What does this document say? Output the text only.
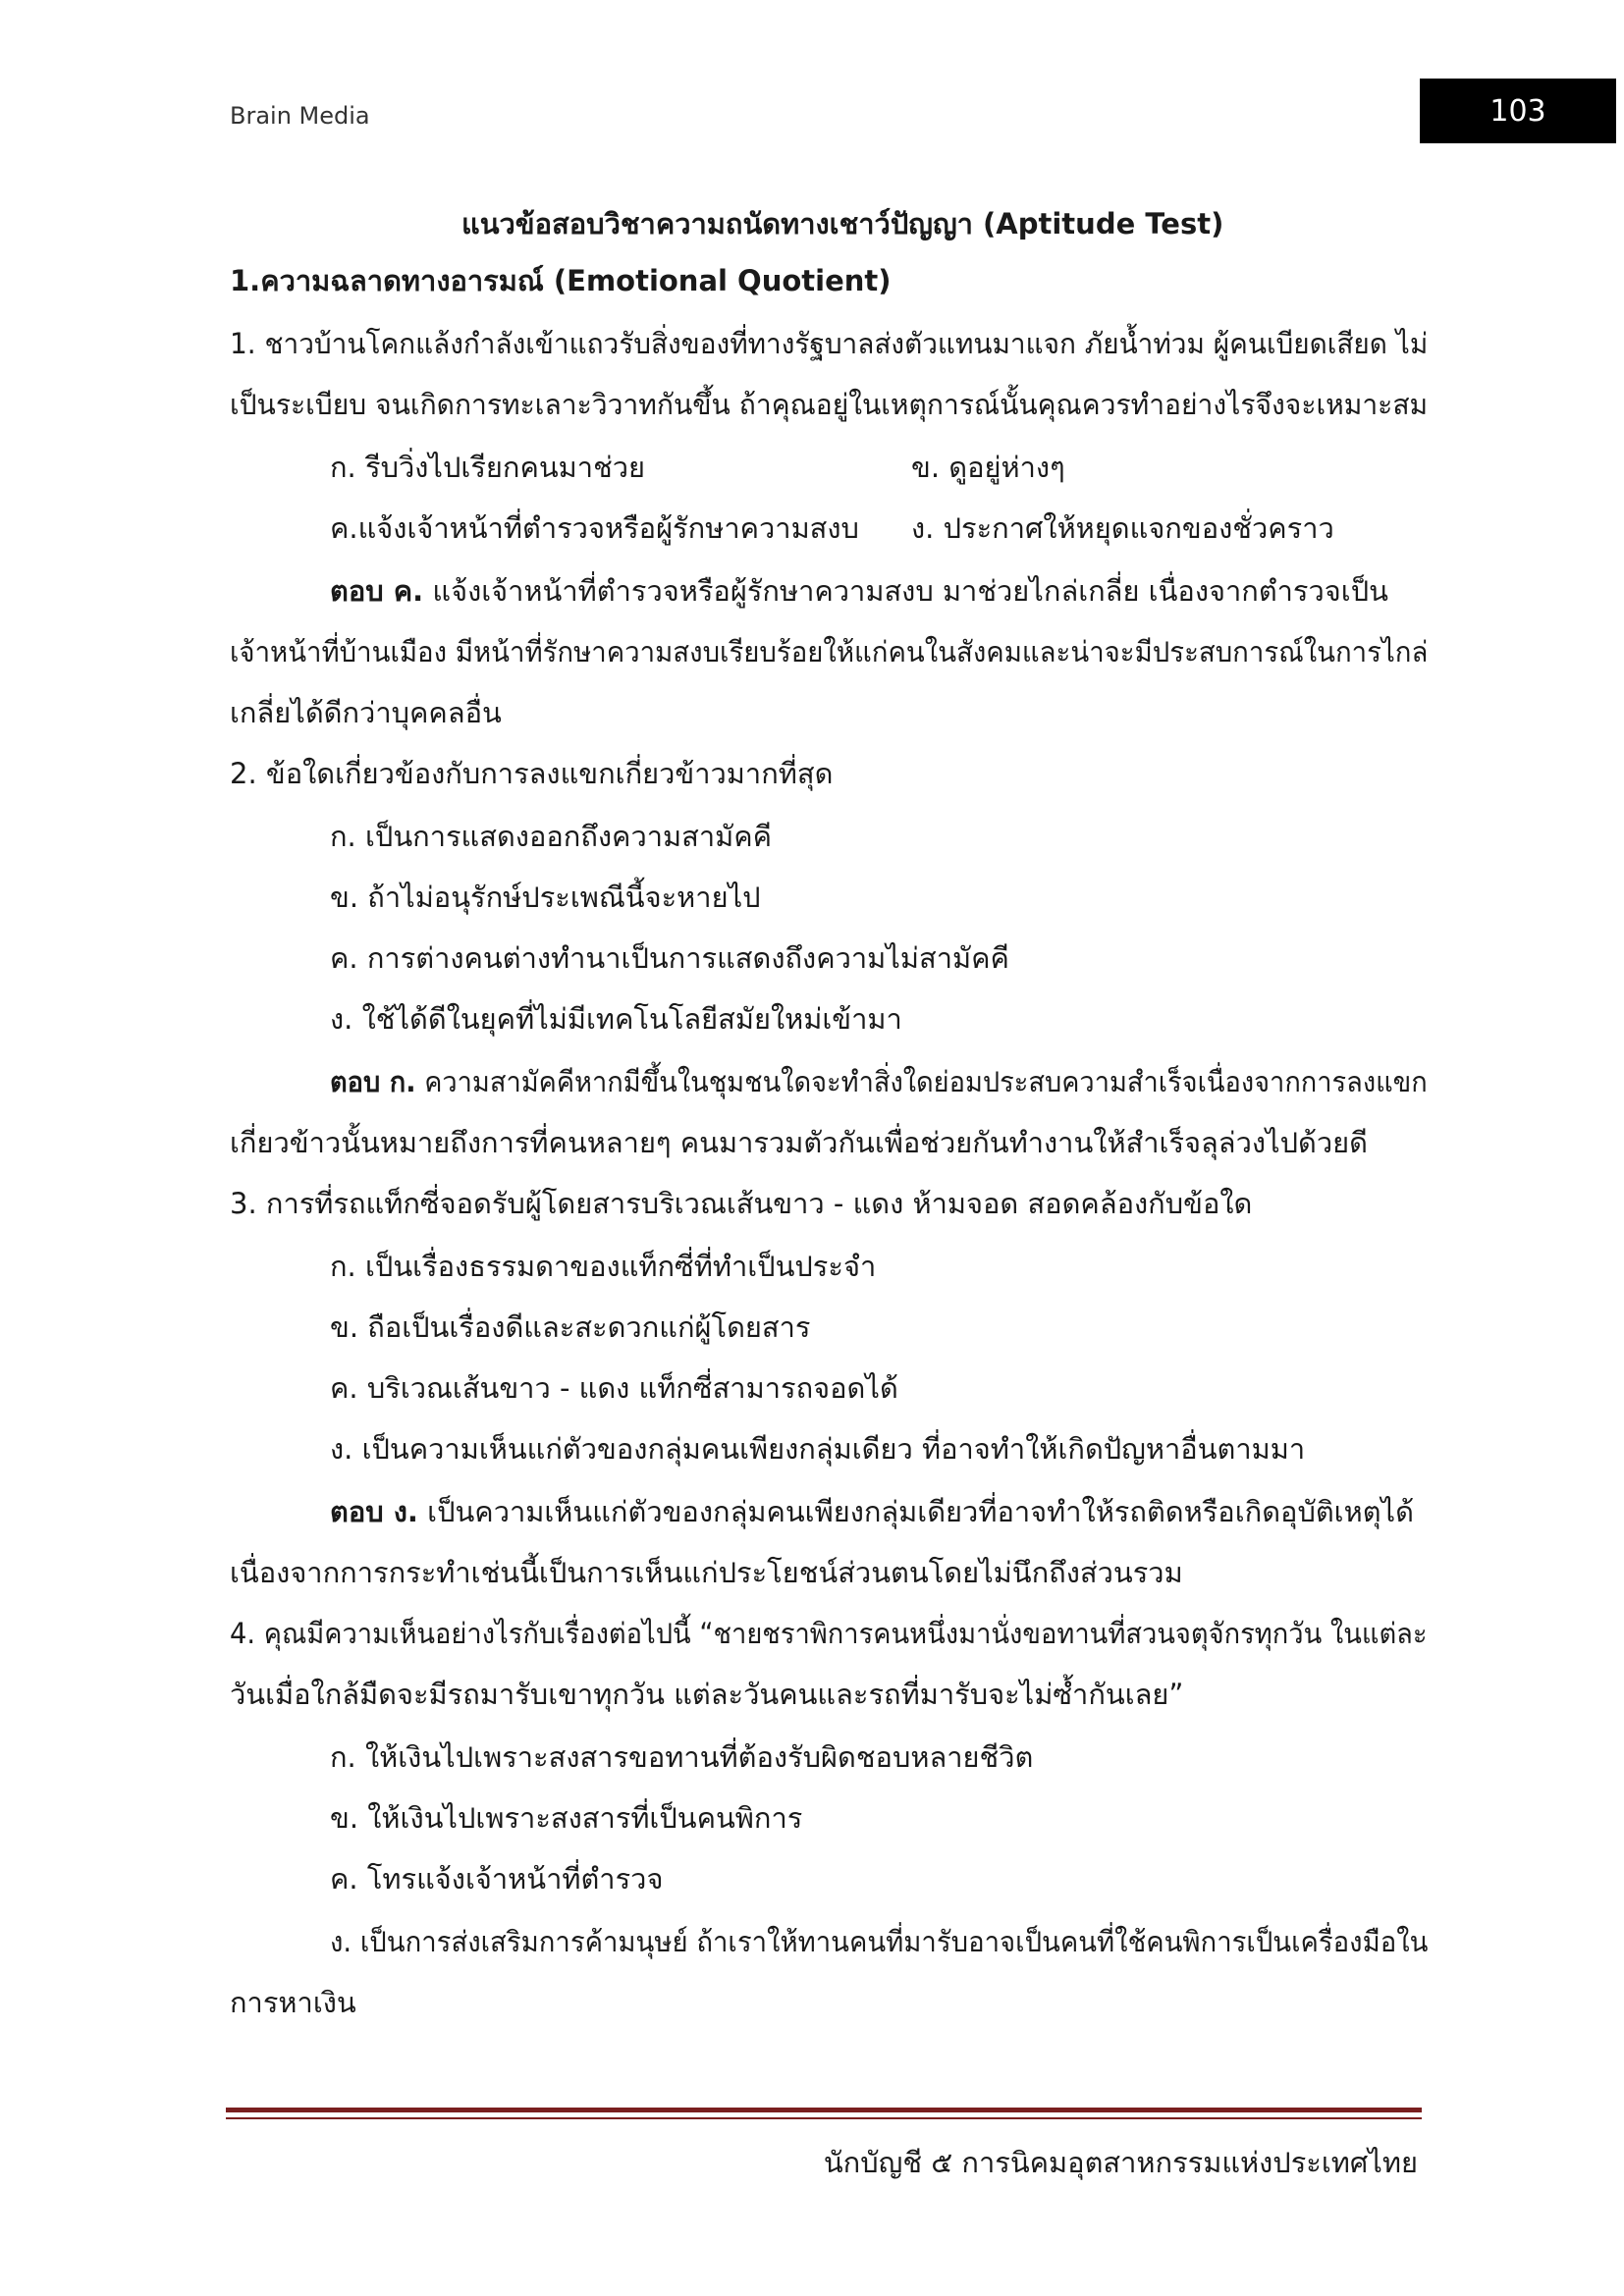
Brain Media	103
แนวข้อสอบวิชาความถนัดทางเชาว์ปัญญา (Aptitude Test)
1.ความฉลาดทางอารมณ์ (Emotional Quotient)
1. ชาวบ้านโคกแล้งกำลังเข้าแถวรับสิ่งของที่ทางรัฐบาลส่งตัวแทนมาแจก ภัยน้ำท่วม ผู้คนเบียดเสียด ไม่
เป็นระเบียบ จนเกิดการทะเลาะวิวาทกันขึ้น ถ้าคุณอยู่ในเหตุการณ์นั้นคุณควรทำอย่างไรจึงจะเหมาะสม
ก. รีบวิ่งไปเรียกคนมาช่วย	ข. ดูอยู่ห่างๆ
ค.แจ้งเจ้าหน้าที่ตำรวจหรือผู้รักษาความสงบ ง. ประกาศให้หยุดแจกของชั่วคราว
ตอบ ค. แจ้งเจ้าหน้าที่ตำรวจหรือผู้รักษาความสงบ มาช่วยไกล่เกลี่ย เนื่องจากตำรวจเป็น
เจ้าหน้าที่บ้านเมือง มีหน้าที่รักษาความสงบเรียบร้อยให้แก่คนในสังคมและน่าจะมีประสบการณ์ในการไกล่
เกลี่ยได้ดีกว่าบุคคลอื่น
2. ข้อใดเกี่ยวข้องกับการลงแขกเกี่ยวข้าวมากที่สุด
ก. เป็นการแสดงออกถึงความสามัคคี
ข. ถ้าไม่อนุรักษ์ประเพณีนี้จะหายไป
ค. การต่างคนต่างทำนาเป็นการแสดงถึงความไม่สามัคคี
ง. ใช้ได้ดีในยุคที่ไม่มีเทคโนโลยีสมัยใหม่เข้ามา
ตอบ ก. ความสามัคคีหากมีขึ้นในชุมชนใดจะทำสิ่งใดย่อมประสบความสำเร็จเนื่องจากการลงแขก
เกี่ยวข้าวนั้นหมายถึงการที่คนหลายๆ คนมารวมตัวกันเพื่อช่วยกันทำงานให้สำเร็จลุล่วงไปด้วยดี
3. การที่รถแท็กซี่จอดรับผู้โดยสารบริเวณเส้นขาว - แดง ห้ามจอด สอดคล้องกับข้อใด
ก. เป็นเรื่องธรรมดาของแท็กซี่ที่ทำเป็นประจำ
ข. ถือเป็นเรื่องดีและสะดวกแก่ผู้โดยสาร
ค. บริเวณเส้นขาว - แดง แท็กซี่สามารถจอดได้
ง. เป็นความเห็นแก่ตัวของกลุ่มคนเพียงกลุ่มเดียว ที่อาจทำให้เกิดปัญหาอื่นตามมา
ตอบ ง. เป็นความเห็นแก่ตัวของกลุ่มคนเพียงกลุ่มเดียวที่อาจทำให้รถติดหรือเกิดอุบัติเหตุได้
เนื่องจากการกระทำเช่นนี้เป็นการเห็นแก่ประโยชน์ส่วนตนโดยไม่นึกถึงส่วนรวม
4. คุณมีความเห็นอย่างไรกับเรื่องต่อไปนี้ “ชายชราพิการคนหนึ่งมานั่งขอทานที่สวนจตุจักรทุกวัน ในแต่ละ
วันเมื่อใกล้มืดจะมีรถมารับเขาทุกวัน แต่ละวันคนและรถที่มารับจะไม่ซ้ำกันเลย”
ก. ให้เงินไปเพราะสงสารขอทานที่ต้องรับผิดชอบหลายชีวิต
ข. ให้เงินไปเพราะสงสารที่เป็นคนพิการ
ค. โทรแจ้งเจ้าหน้าที่ตำรวจ
ง. เป็นการส่งเสริมการค้ามนุษย์ ถ้าเราให้ทานคนที่มารับอาจเป็นคนที่ใช้คนพิการเป็นเครื่องมือใน
การหาเงิน
นักบัญชี ๕ การนิคมอุตสาหกรรมแห่งประเทศไทย
